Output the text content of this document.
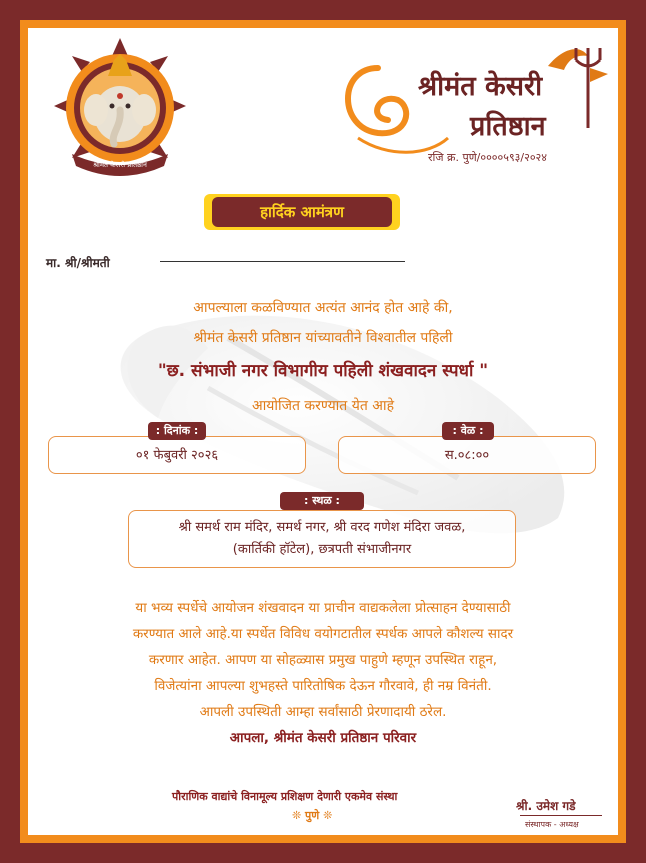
श्रीमंत केसरी प्रतिष्ठान
श्रीमंत केसरी
प्रतिष्ठान
रजि क्र. पुणे/००००५९३/२०२४
हार्दिक आमंत्रण
मा. श्री/श्रीमती
आपल्याला कळविण्यात अत्यंत आनंद होत आहे की,
श्रीमंत केसरी प्रतिष्ठान यांच्यावतीने विश्वातील पहिली
"छ. संभाजी नगर विभागीय पहिली शंखवादन स्पर्धा "
आयोजित करण्यात येत आहे
०१ फेबुवरी २०२६
: दिनांक :
स.०८:००
: वेळ :
श्री समर्थ राम मंदिर, समर्थ नगर, श्री वरद गणेश मंदिरा जवळ,
(कार्तिकी हॉटेल), छत्रपती संभाजीनगर
: स्थळ :
या भव्य स्पर्धेचे आयोजन शंखवादन या प्राचीन वाद्यकलेला प्रोत्साहन देण्यासाठी
करण्यात आले आहे.या स्पर्धेत विविध वयोगटातील स्पर्धक आपले कौशल्य सादर
करणार आहेत. आपण या सोहळ्यास प्रमुख पाहुणे म्हणून उपस्थित राहून,
विजेत्यांना आपल्या शुभहस्ते पारितोषिक देऊन गौरवावे, ही नम्र विनंती.
आपली उपस्थिती आम्हा सर्वांसाठी प्रेरणादायी ठरेल.
आपला, श्रीमंत केसरी प्रतिष्ठान परिवार
पौराणिक वाद्यांचे विनामूल्य प्रशिक्षण देणारी एकमेव संस्था
❊ पुणे ❊
श्री. उमेश गडे
संस्थापक - अध्यक्ष
